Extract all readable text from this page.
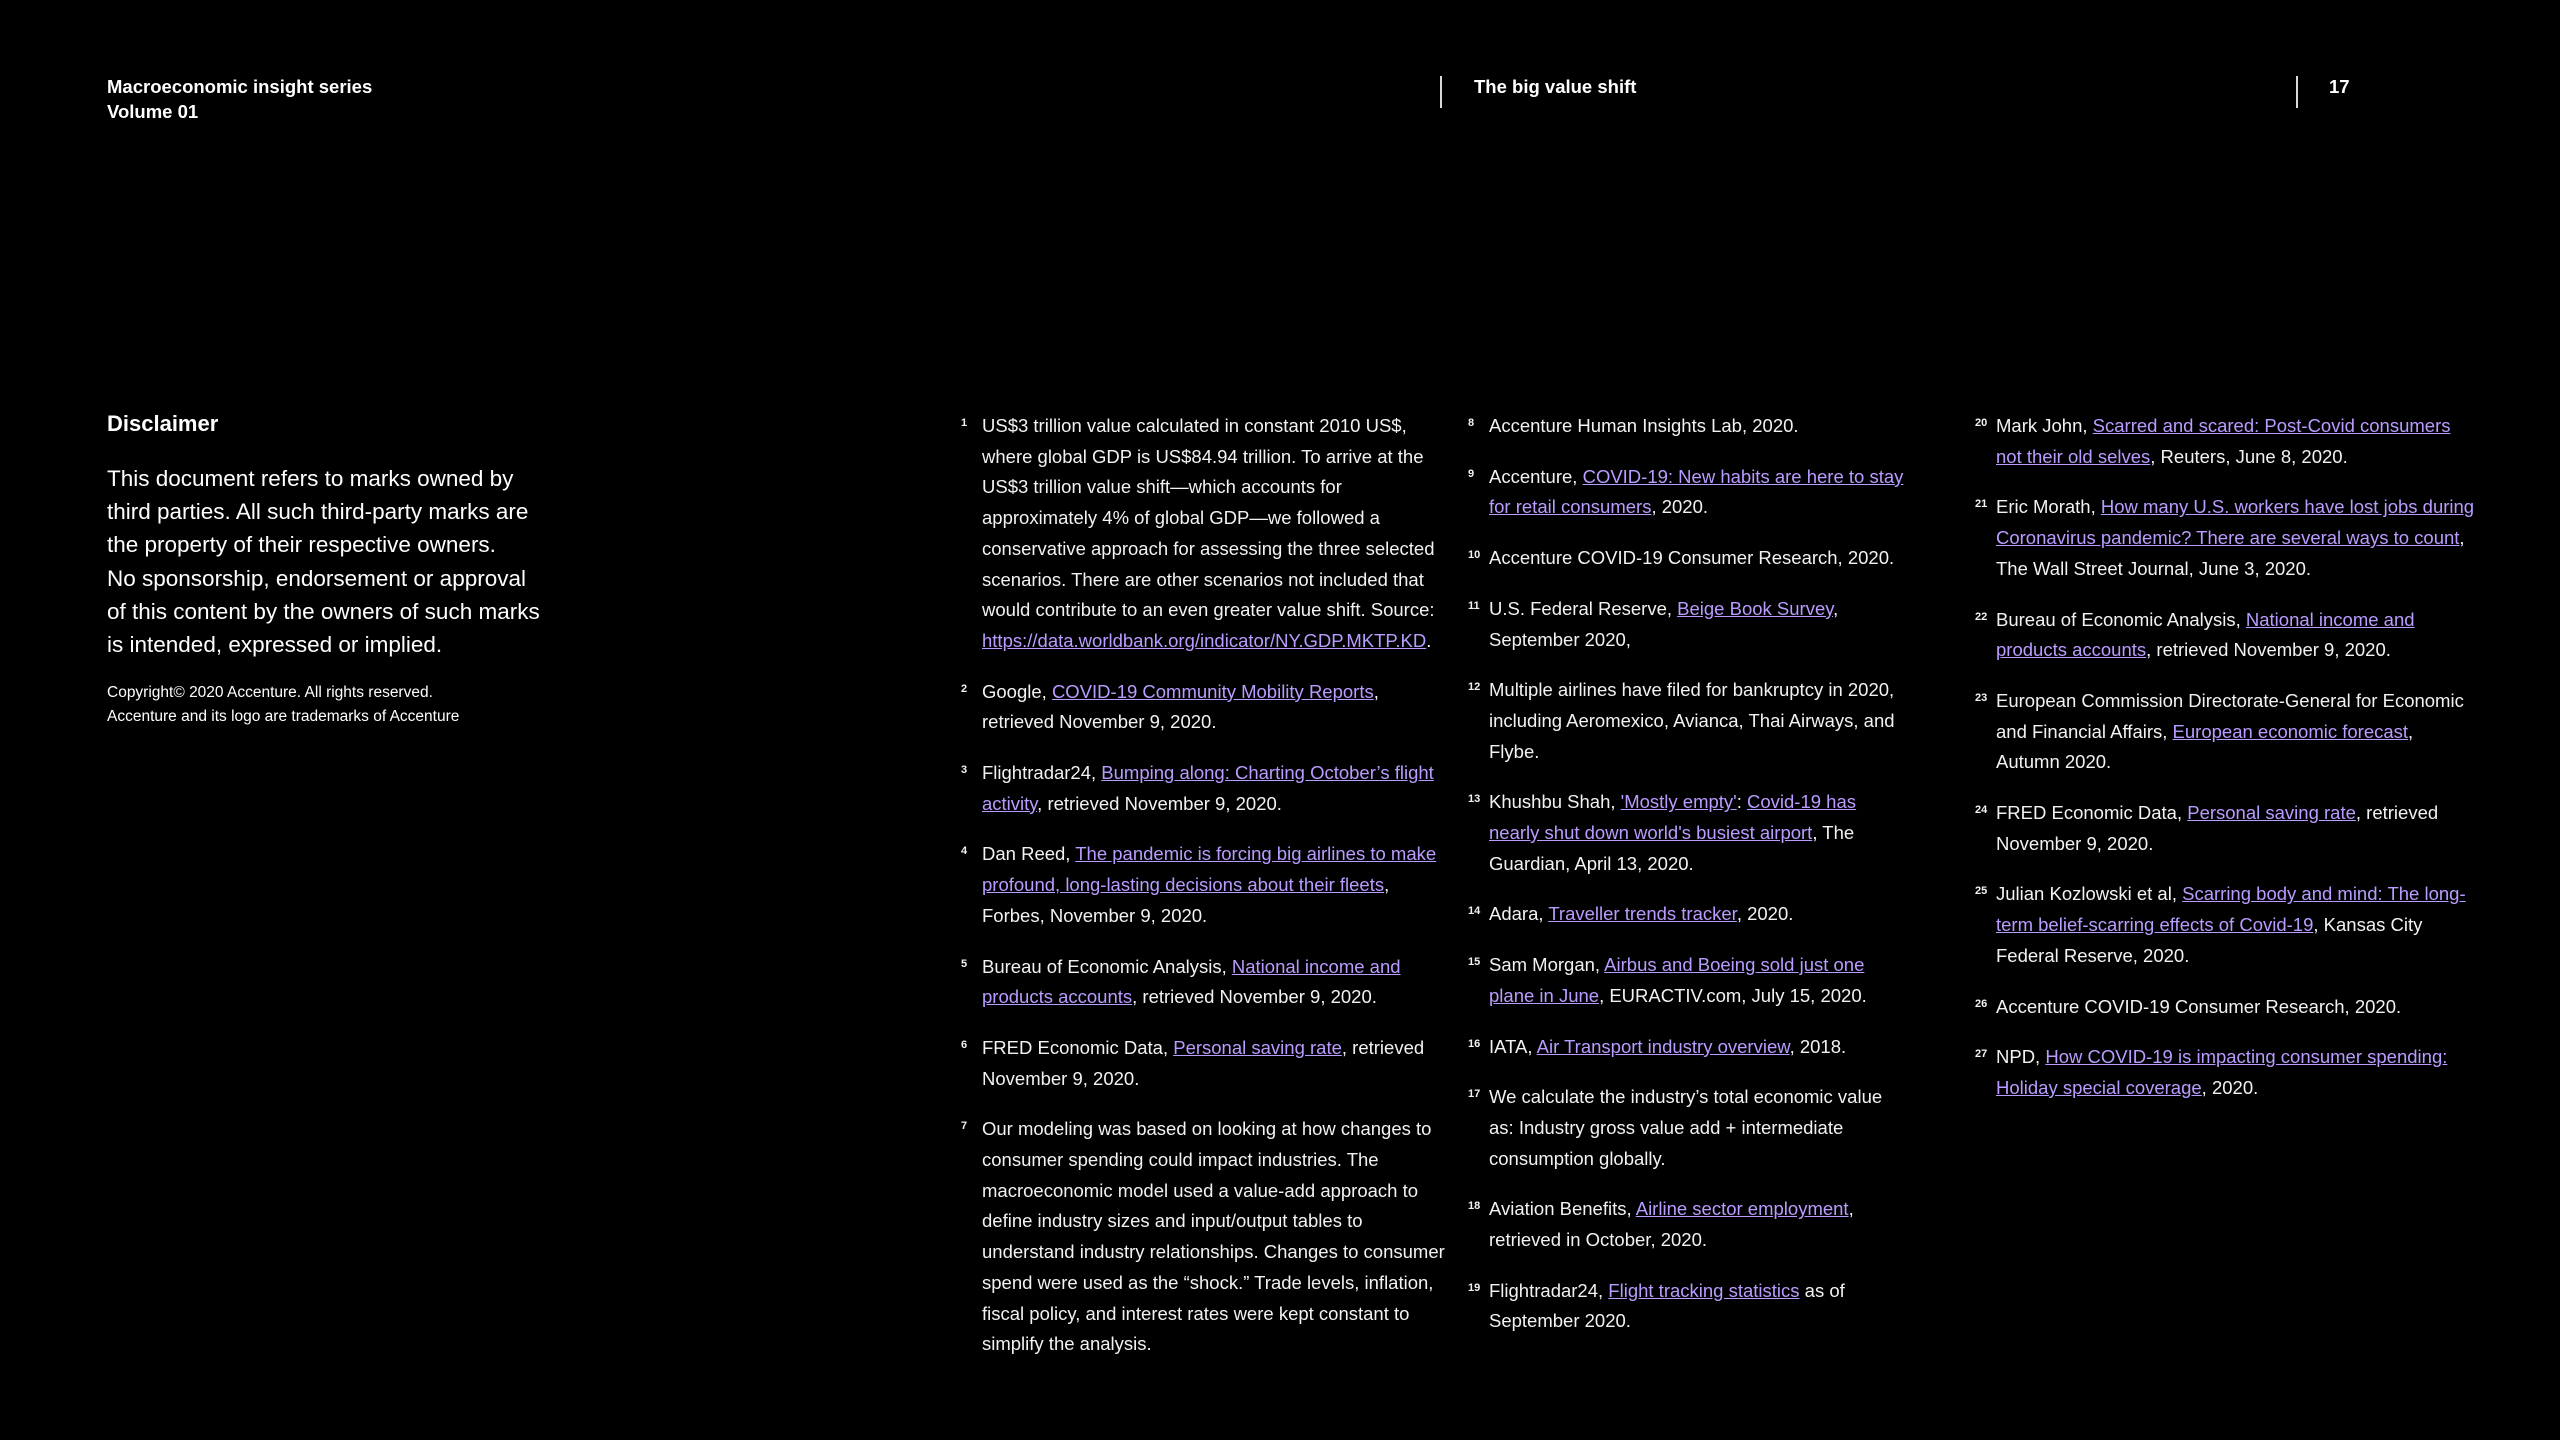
Macroeconomic insight series
Volume 01
The big value shift	17
Disclaimer

This document refers to marks owned by

third parties. All such third-party marks are

the property of their respective owners.

No sponsorship, endorsement or approval

of this content by the owners of such marks

is intended, expressed or implied.

Copyright© 2020 Accenture. All rights reserved.
Accenture and its logo are trademarks of Accenture
1 US$3 trillion value calculated in constant 2010 US$, where global GDP is US$84.94 trillion. To arrive at the US$3 trillion value shift—which accounts for approximately 4% of global GDP—we followed a conservative approach for assessing the three selected scenarios. There are other scenarios not included that would contribute to an even greater value shift. Source: https://data.worldbank.org/indicator/NY.GDP.MKTP.KD.
2 Google, COVID-19 Community Mobility Reports, retrieved November 9, 2020.
3 Flightradar24, Bumping along: Charting October’s flight activity, retrieved November 9, 2020.
4 Dan Reed, The pandemic is forcing big airlines to make profound, long-lasting decisions about their fleets, Forbes, November 9, 2020.
5 Bureau of Economic Analysis, National income and products accounts, retrieved November 9, 2020.
6 FRED Economic Data, Personal saving rate, retrieved November 9, 2020.
7 Our modeling was based on looking at how changes to consumer spending could impact industries. The macroeconomic model used a value-add approach to define industry sizes and input/output tables to understand industry relationships. Changes to consumer spend were used as the “shock.” Trade levels, inflation, fiscal policy, and interest rates were kept constant to simplify the analysis.
8 Accenture Human Insights Lab, 2020.
9 Accenture, COVID-19: New habits are here to stay for retail consumers, 2020.
10 Accenture COVID-19 Consumer Research, 2020.
11 U.S. Federal Reserve, Beige Book Survey, September 2020,
12 Multiple airlines have filed for bankruptcy in 2020, including Aeromexico, Avianca, Thai Airways, and Flybe.
13 Khushbu Shah, 'Mostly empty': Covid-19 has nearly shut down world's busiest airport, The Guardian, April 13, 2020.
14 Adara, Traveller trends tracker, 2020.
15 Sam Morgan, Airbus and Boeing sold just one plane in June, EURACTIV.com, July 15, 2020.
16 IATA, Air Transport industry overview, 2018.
17 We calculate the industry’s total economic value as: Industry gross value add + intermediate consumption globally.
18 Aviation Benefits, Airline sector employment, retrieved in October, 2020.
19 Flightradar24, Flight tracking statistics as of September 2020.
20 Mark John, Scarred and scared: Post-Covid consumers not their old selves, Reuters, June 8, 2020.
21 Eric Morath, How many U.S. workers have lost jobs during Coronavirus pandemic? There are several ways to count, The Wall Street Journal, June 3, 2020.
22 Bureau of Economic Analysis, National income and products accounts, retrieved November 9, 2020.
23 European Commission Directorate-General for Economic and Financial Affairs, European economic forecast, Autumn 2020.
24 FRED Economic Data, Personal saving rate, retrieved November 9, 2020.
25 Julian Kozlowski et al, Scarring body and mind: The long-term belief-scarring effects of Covid-19, Kansas City Federal Reserve, 2020.
26 Accenture COVID-19 Consumer Research, 2020.
27 NPD, How COVID-19 is impacting consumer spending: Holiday special coverage, 2020.
